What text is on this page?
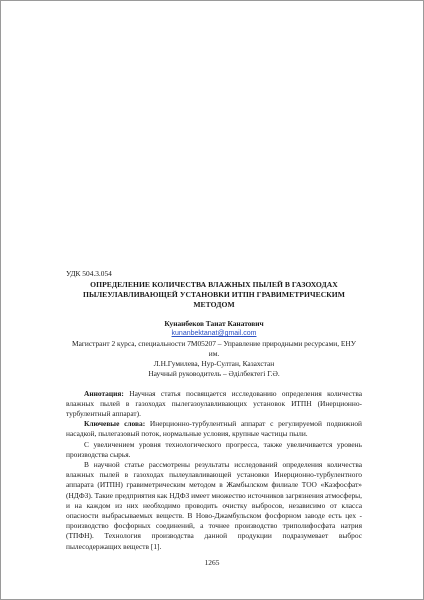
УДК 504.3.054
ОПРЕДЕЛЕНИЕ КОЛИЧЕСТВА ВЛАЖНЫХ ПЫЛЕЙ В ГАЗОХОДАХ ПЫЛЕУЛАВЛИВАЮЩЕЙ УСТАНОВКИ ИТПН ГРАВИМЕТРИЧЕСКИМ МЕТОДОМ
Кунанбеков Таиат Канатович
kunanbektanat@gmail.com
Магистрант 2 курса, специальности 7М05207 – Управление природными ресурсами, ЕНУ им.
Л.Н.Гумилева, Нур-Султан, Казахстан
Научный руководитель – Әділбектегі Г.Ә.

Аннотация: Научная статья посвящается исследованию определения количества влажных пылей в газоходах пылегазоулавливающих установок ИТПН (Инерционно-турбулентный аппарат).

Ключевые слова: Инерционно-турбулентный аппарат с регулируемой подвижной насадкой, пылегазовый поток, нормальные условия, крупные частицы пыли.

С увеличением уровня технологического прогресса, также увеличивается уровень производства сырья.

В научной статье рассмотрены результаты исследований определения количества влажных пылей в газоходах пылеулавливающей установки Инерционно-турбулентного аппарата (ИТПН) гравиметрическим методом в Жамбылском филиале ТОО «Казфосфат» (НДФЗ). Такие предприятия как НДФЗ имеет множество источников загрязнения атмосферы, и на каждом из них необходимо проводить очистку выбросов, независимо от класса опасности выбрасываемых веществ. В Ново-Джамбульском фосфорном заводе есть цех - производство фосфорных соединений, а точнее производство триполифосфата натрия (ТПФН). Технология производства данной продукции подразумевает выброс пылесодержащих веществ [1].

1265
